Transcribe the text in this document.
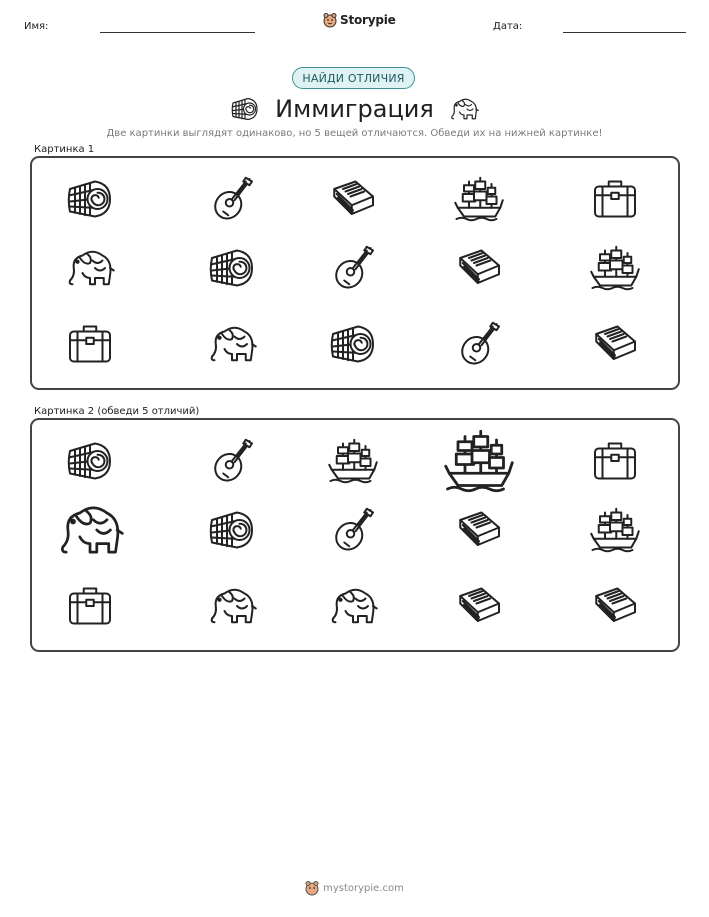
Имя:	Storypie	Дата:
НАЙДИ ОТЛИЧИЯ
Иммиграция
Две картинки выглядят одинаково, но 5 вещей отличаются. Обведи их на нижней картинке!
Картинка 1
Картинка 2 (обведи 5 отличий)
mystorypie.com
